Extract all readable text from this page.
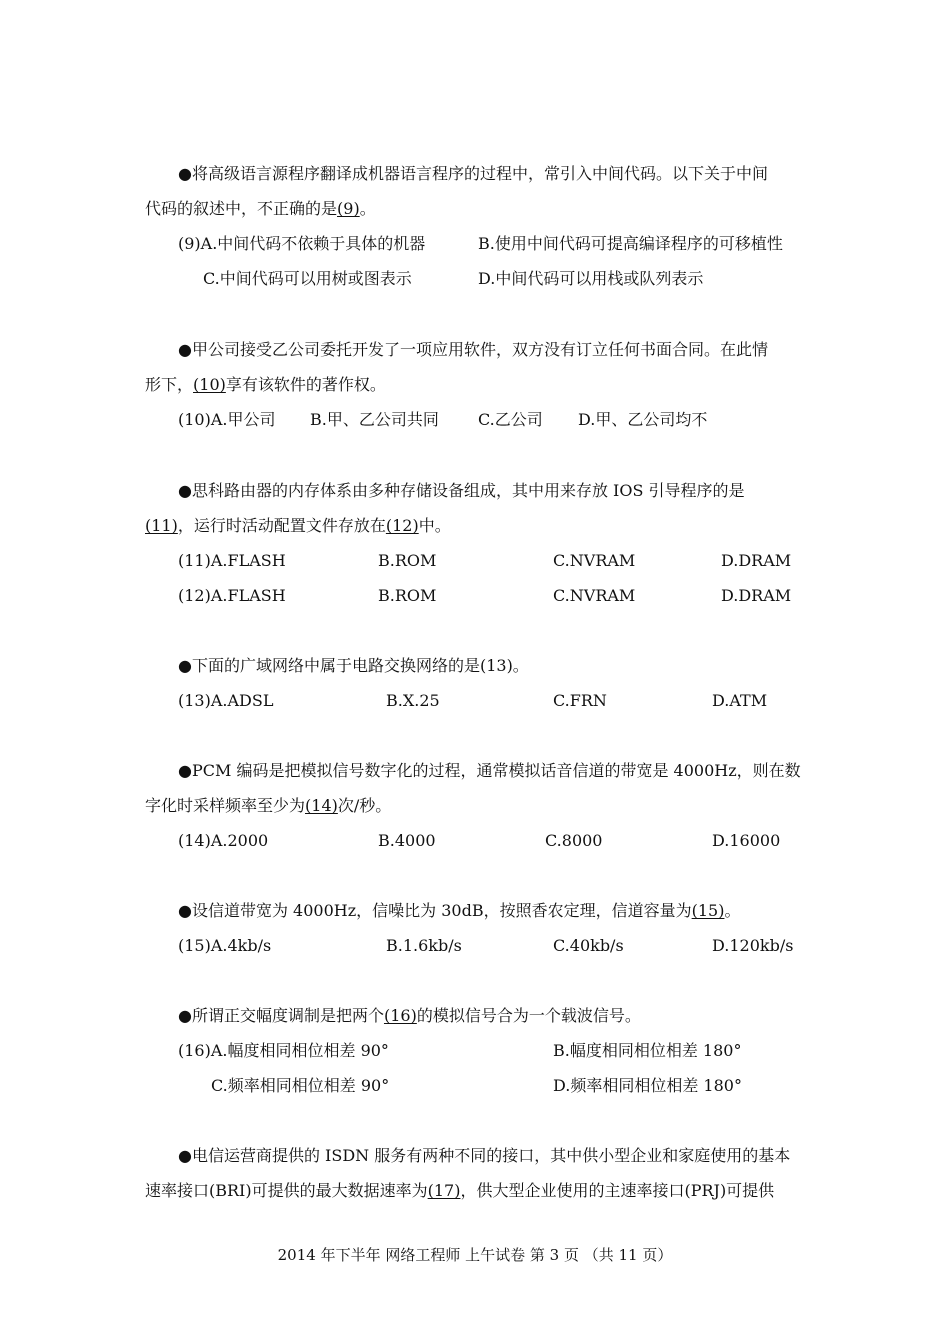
●将高级语言源程序翻译成机器语言程序的过程中，常引入中间代码。以下关于中间
代码的叙述中，不正确的是(9)。
(9)A.中间代码不依赖于具体的机器	B.使用中间代码可提高编译程序的可移植性
C.中间代码可以用树或图表示	D.中间代码可以用栈或队列表示
●甲公司接受乙公司委托开发了一项应用软件，双方没有订立任何书面合同。在此情
形下，(10)享有该软件的著作权。
(10)A.甲公司 B.甲、乙公司共同 C.乙公司 D.甲、乙公司均不
●思科路由器的内存体系由多种存储设备组成，其中用来存放 IOS 引导程序的是
(11)，运行时活动配置文件存放在(12)中。
(11)A.FLASH	B.ROM	C.NVRAM	D.DRAM
(12)A.FLASH	B.ROM	C.NVRAM	D.DRAM
●下面的广域网络中属于电路交换网络的是(13)。
(13)A.ADSL	B.X.25	C.FRN	D.ATM
●PCM 编码是把模拟信号数字化的过程，通常模拟话音信道的带宽是 4000Hz，则在数
字化时采样频率至少为(14)次/秒。
(14)A.2000	B.4000	C.8000	D.16000
●设信道带宽为 4000Hz，信噪比为 30dB，按照香农定理，信道容量为(15)。
(15)A.4kb/s	B.1.6kb/s	C.40kb/s	D.120kb/s
●所谓正交幅度调制是把两个(16)的模拟信号合为一个载波信号。
(16)A.幅度相同相位相差 90°	B.幅度相同相位相差 180°
C.频率相同相位相差 90°	D.频率相同相位相差 180°
●电信运营商提供的 ISDN 服务有两种不同的接口，其中供小型企业和家庭使用的基本
速率接口(BRI)可提供的最大数据速率为(17)，供大型企业使用的主速率接口(PRJ)可提供
2014 年下半年 网络工程师 上午试卷 第 3 页 （共 11 页）
